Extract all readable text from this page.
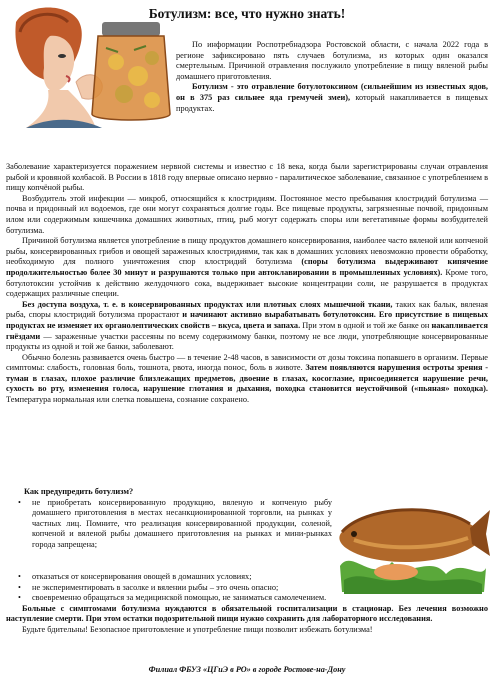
Ботулизм: все, что нужно знать!

По информации Роспотребнадзора Ростовской области, с начала 2022 года в регионе зафиксировано пять случаев ботулизма, из которых один оказался смертельным. Причиной отравления послужило употребление в пищу вяленой рыбы домашнего приготовления.

Ботулизм - это отравление ботулотоксином (сильнейшим из известных ядов, он в 375 раз сильнее яда гремучей змеи), который накапливается в пищевых продуктах.

Заболевание характеризуется поражением нервной системы и известно с 18 века, когда были зарегистрированы случаи отравления рыбой и кровяной колбасой. В России в 1818 году впервые описано нервно - паралитическое заболевание, связанное с употреблением в пищу копчёной рыбы.

Возбудитель этой инфекции — микроб, относящийся к клостридиям. Постоянное место пребывания клостридий ботулизма — почва и придонный ил водоемов, где они могут сохраняться долгие годы. Все пищевые продукты, загрязненные почвой, придонным илом или содержимым кишечника домашних животных, птиц, рыб могут содержать споры или вегетативные формы возбудителей ботулизма.

Причиной ботулизма является употребление в пищу продуктов домашнего консервирования, наиболее часто вяленой или копченой рыбы, консервированных грибов и овощей зараженных клостридиями, так как в домашних условиях невозможно провести обработку, необходимую для полного уничтожения спор клостридий ботулизма (споры ботулизма выдерживают кипячение продолжительностью более 30 минут и разрушаются только при автоклавировании в промышленных условиях). Кроме того, ботулотоксин устойчив к действию желудочного сока, выдерживает высокие концентрации соли, не разрушается в продуктах содержащих различные специи.

Без доступа воздуха, т. е. в консервированных продуктах или плотных слоях мышечной ткани, таких как балык, вяленая рыба, споры клостридий ботулизма прорастают и начинают активно вырабатывать ботулотоксин. Его присутствие в пищевых продуктах не изменяет их органолептических свойств – вкуса, цвета и запаха. При этом в одной и той же банке он накапливается гнёздами — зараженные участки рассеяны по всему содержимому банки, поэтому не все люди, употребляющие консервированные продукты из одной и той же банки, заболевают.

Обычно болезнь развивается очень быстро — в течение 2-48 часов, в зависимости от дозы токсина попавшего в организм. Первые симптомы: слабость, головная боль, тошнота, рвота, иногда понос, боль в животе. Затем появляются нарушения остроты зрения - туман в глазах, плохое различие близлежащих предметов, двоение в глазах, косоглазие, присоединяется нарушение речи, сухость во рту, изменения голоса, нарушение глотания и дыхания, походка становится неустойчивой («пьяная» походка). Температура нормальная или слетка повышена, сознание сохранено.

Как предупредить ботулизм?

• не приобретать консервированную продукцию, вяленую и копченую рыбу домашнего приготовления в местах несанкционированной торговли, на рынках у частных лиц. Помните, что реализация консервированной продукции, соленой, копченой и вяленой рыбы домашнего приготовления на рынках и мини-рынках города запрещена;
• отказаться от консервирования овощей в домашних условиях;
• не экспериментировать в засолке и вялении рыбы – это очень опасно;
• своевременно обращаться за медицинской помощью, не заниматься самолечением.

Больные с симптомами ботулизма нуждаются в обязательной госпитализации в стационар. Без лечения возможно наступление смерти. При этом остатки подозрительной пищи нужно сохранить для лабораторного исследования.

Будьте бдительны! Безопасное приготовление и употребление пищи позволит избежать ботулизма!

Филиал ФБУЗ «ЦГиЭ в РО» в городе Ростове-на-Дону
